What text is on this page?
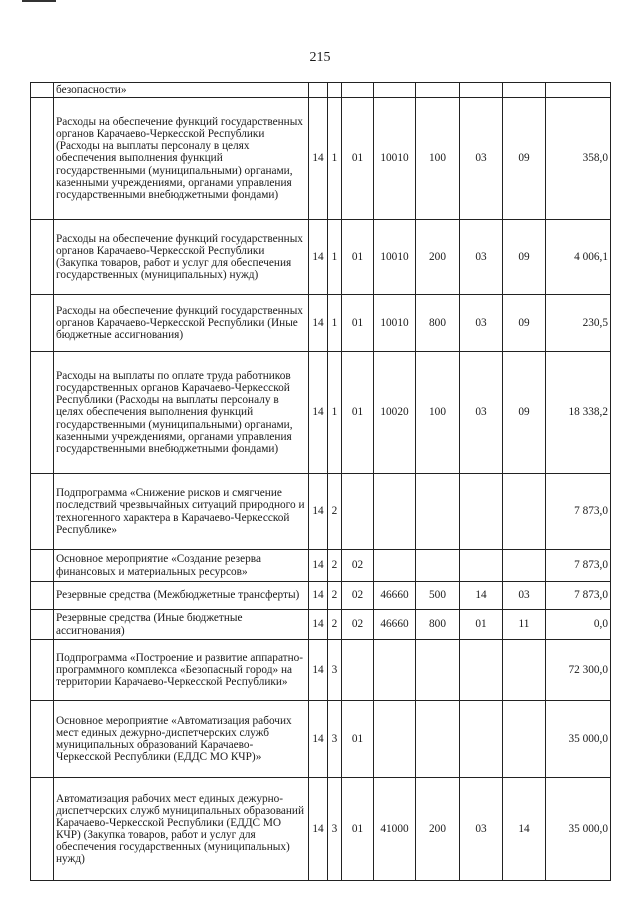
215
	безопасности»								
	Расходы на обеспечение функций государственных органов Карачаево-Черкесской Республики (Расходы на выплаты персоналу в целях обеспечения выполнения функций государственными (муниципальными) органами, казенными учреждениями, органами управления государственными внебюджетными фондами)	14	1	01	10010	100	03	09	358,0
	Расходы на обеспечение функций государственных органов Карачаево-Черкесской Республики (Закупка товаров, работ и услуг для обеспечения государственных (муниципальных) нужд)	14	1	01	10010	200	03	09	4 006,1
	Расходы на обеспечение функций государственных органов Карачаево-Черкесской Республики (Иные бюджетные ассигнования)	14	1	01	10010	800	03	09	230,5
	Расходы на выплаты по оплате труда работников государственных органов Карачаево-Черкесской Республики (Расходы на выплаты персоналу в целях обеспечения выполнения функций государственными (муниципальными) органами, казенными учреждениями, органами управления государственными внебюджетными фондами)	14	1	01	10020	100	03	09	18 338,2
	Подпрограмма «Снижение рисков и смягчение последствий чрезвычайных ситуаций природного и техногенного характера в Карачаево-Черкесской Республике»	14	2						7 873,0
	Основное мероприятие «Создание резерва финансовых и материальных ресурсов»	14	2	02					7 873,0
	Резервные средства (Межбюджетные трансферты)	14	2	02	46660	500	14	03	7 873,0
	Резервные средства (Иные бюджетные ассигнования)	14	2	02	46660	800	01	11	0,0
	Подпрограмма «Построение и развитие аппаратно-программного комплекса «Безопасный город» на территории Карачаево-Черкесской Республики»	14	3						72 300,0
	Основное мероприятие «Автоматизация рабочих мест единых дежурно-диспетчерских служб муниципальных образований Карачаево-Черкесской Республики (ЕДДС МО КЧР)»	14	3	01					35 000,0
	Автоматизация рабочих мест единых дежурно-диспетчерских служб муниципальных образований Карачаево-Черкесской Республики (ЕДДС МО КЧР) (Закупка товаров, работ и услуг для обеспечения государственных (муниципальных) нужд)	14	3	01	41000	200	03	14	35 000,0
